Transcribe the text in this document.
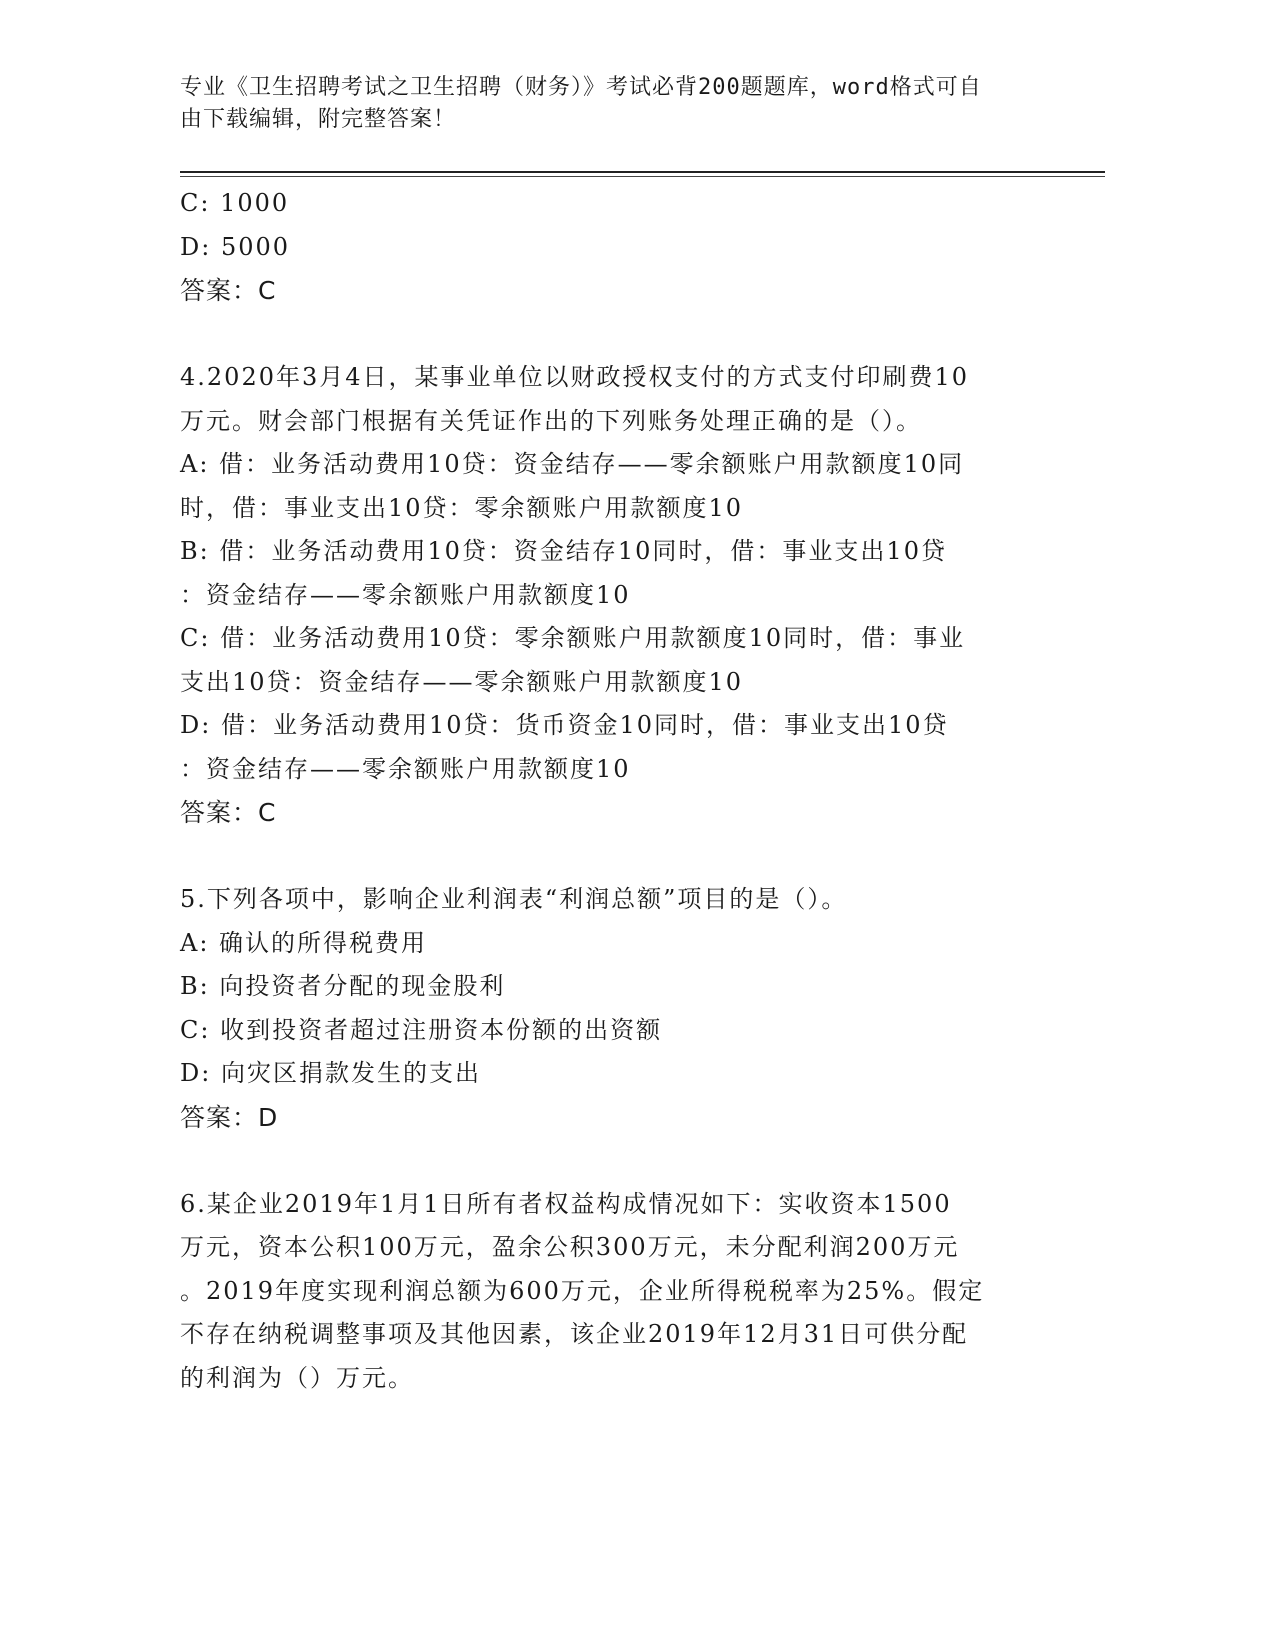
专业《卫生招聘考试之卫生招聘（财务）》考试必背200题题库，word格式可自
由下载编辑，附完整答案！
C: 1000
D: 5000
答案：C
4.2020年3月4日，某事业单位以财政授权支付的方式支付印刷费10
万元。财会部门根据有关凭证作出的下列账务处理正确的是（）。
A: 借：业务活动费用10贷：资金结存——零余额账户用款额度10同
时，借：事业支出10贷：零余额账户用款额度10
B: 借：业务活动费用10贷：资金结存10同时，借：事业支出10贷
：资金结存——零余额账户用款额度10
C: 借：业务活动费用10贷：零余额账户用款额度10同时，借：事业
支出10贷：资金结存——零余额账户用款额度10
D: 借：业务活动费用10贷：货币资金10同时，借：事业支出10贷
：资金结存——零余额账户用款额度10
答案：C
5.下列各项中，影响企业利润表“利润总额”项目的是（）。
A: 确认的所得税费用
B: 向投资者分配的现金股利
C: 收到投资者超过注册资本份额的出资额
D: 向灾区捐款发生的支出
答案：D
6.某企业2019年1月1日所有者权益构成情况如下：实收资本1500
万元，资本公积100万元，盈余公积300万元，未分配利润200万元
。2019年度实现利润总额为600万元，企业所得税税率为25%。假定
不存在纳税调整事项及其他因素，该企业2019年12月31日可供分配
的利润为（）万元。
